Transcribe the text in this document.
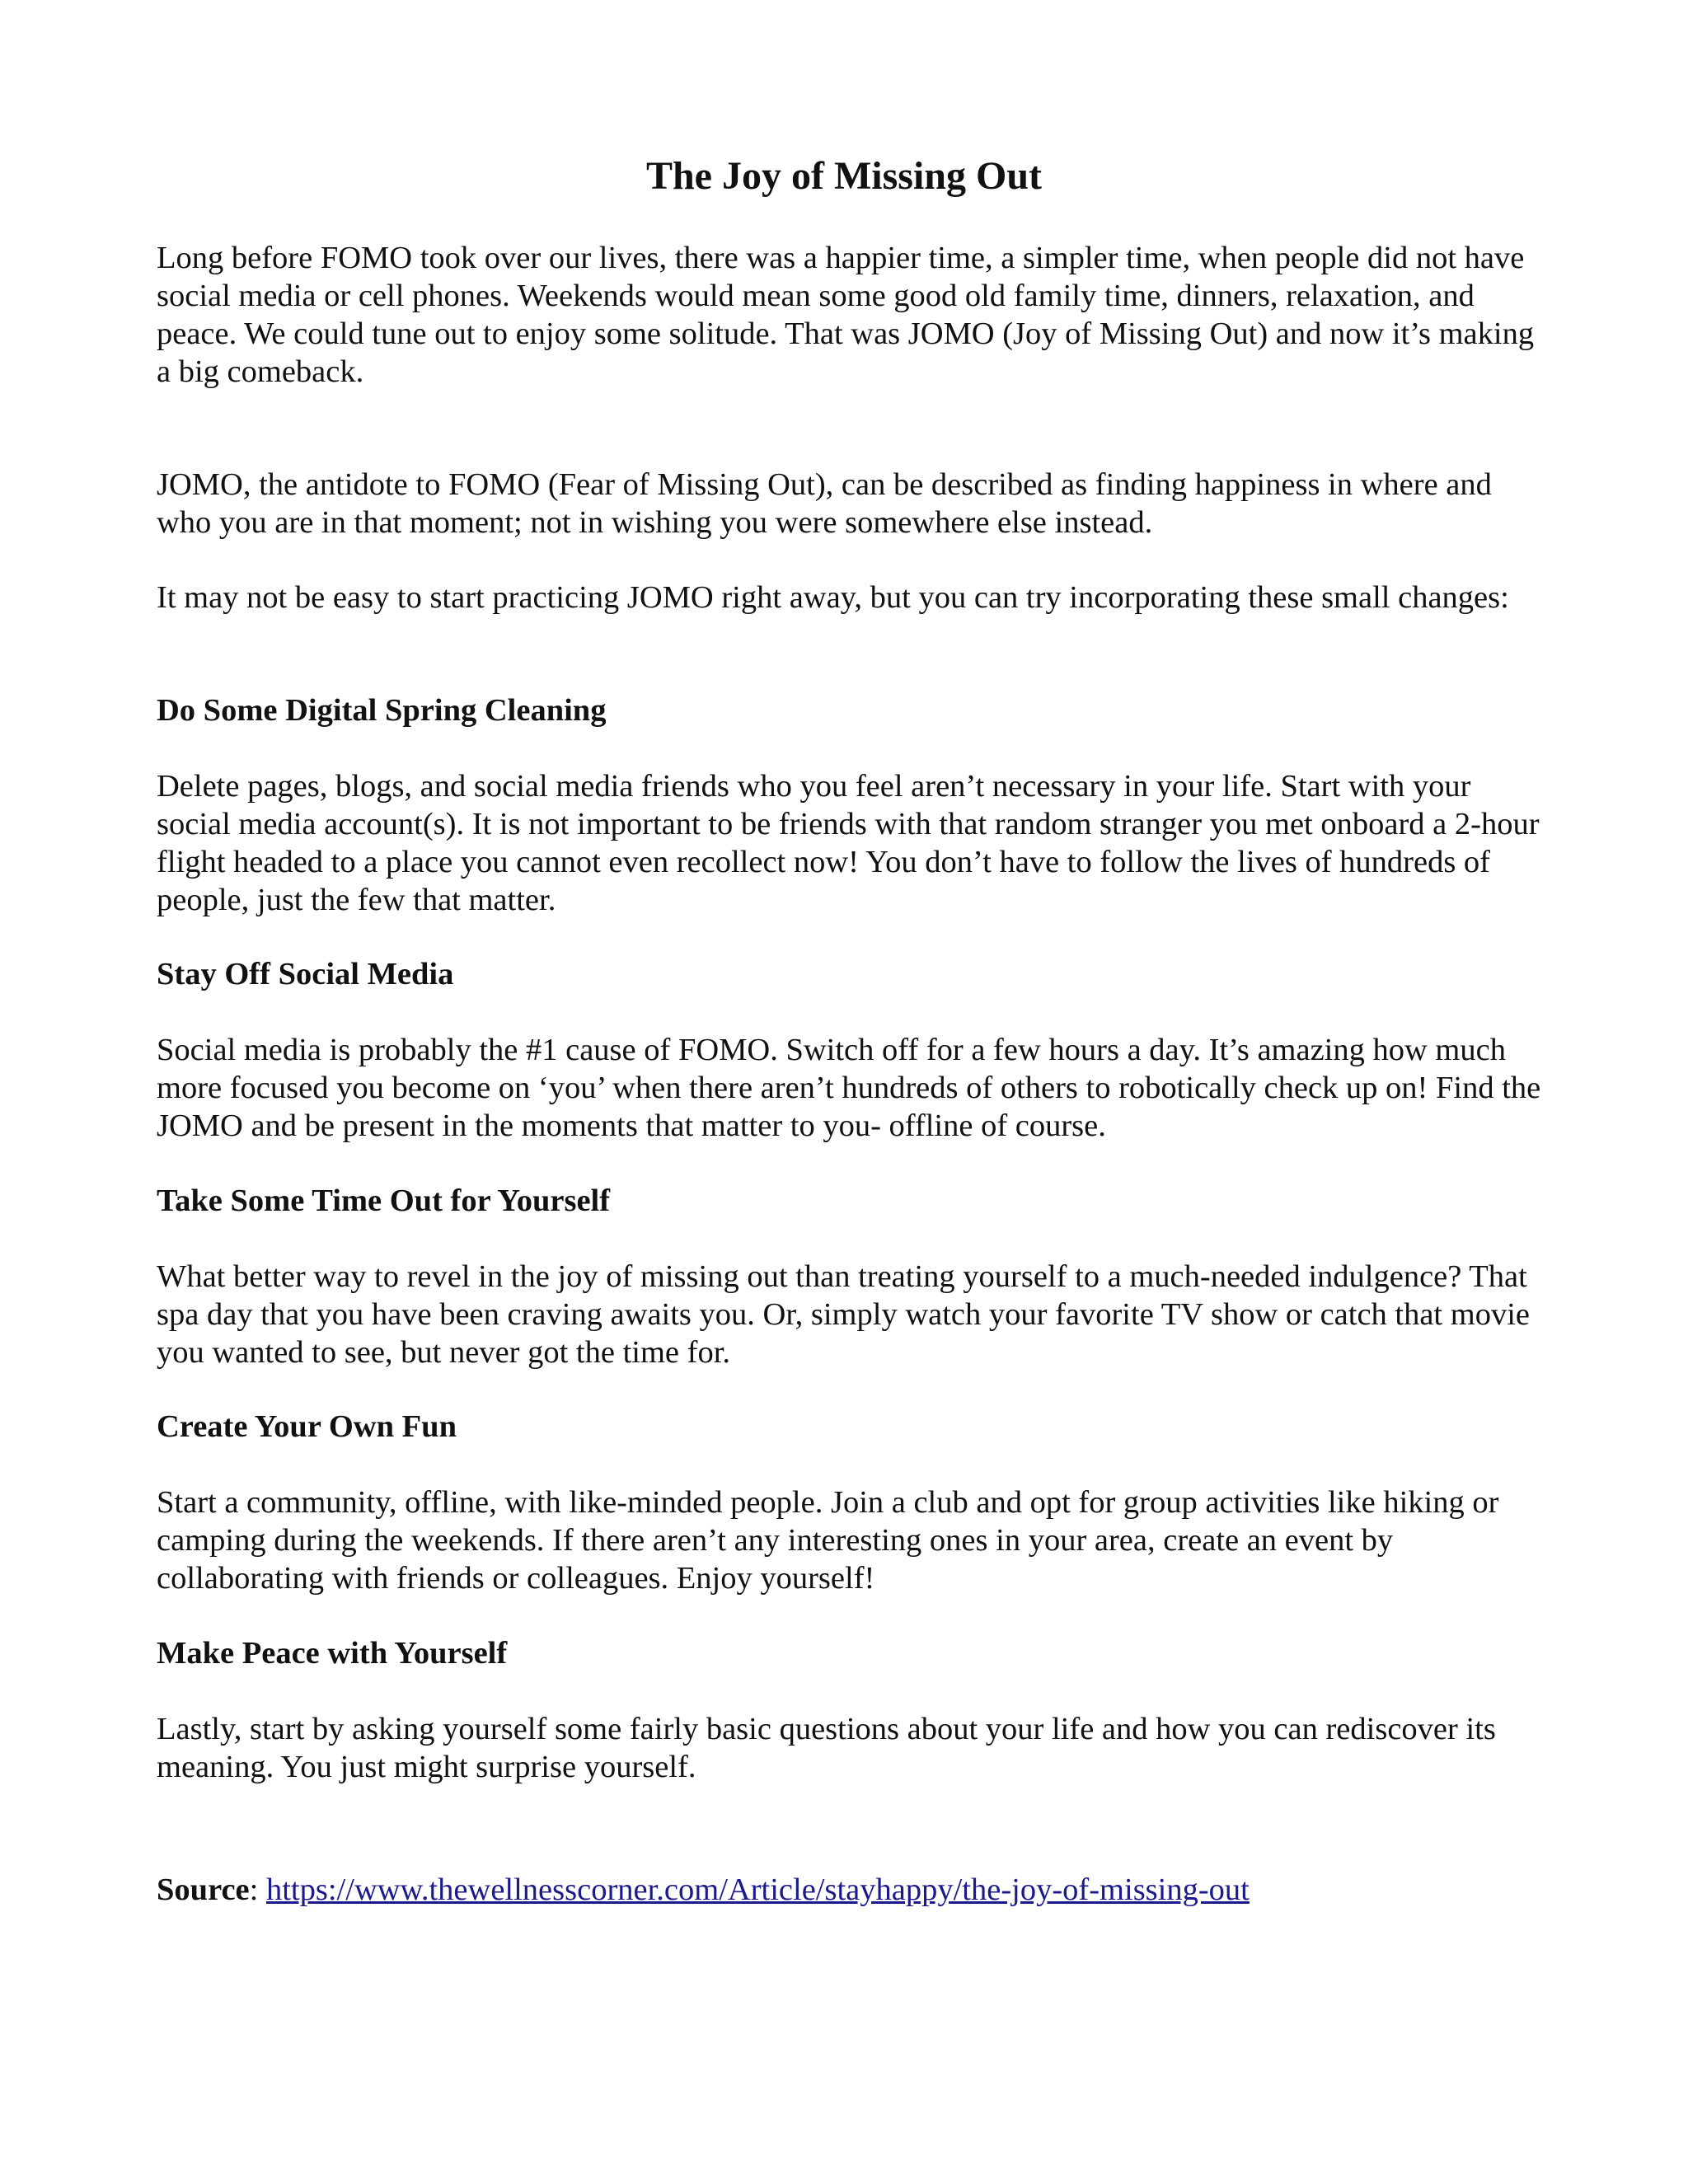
The Joy of Missing Out

Long before FOMO took over our lives, there was a happier time, a simpler time, when people did not have social media or cell phones. Weekends would mean some good old family time, dinners, relaxation, and peace. We could tune out to enjoy some solitude. That was JOMO (Joy of Missing Out) and now it’s making a big comeback.

JOMO, the antidote to FOMO (Fear of Missing Out), can be described as finding happiness in where and who you are in that moment; not in wishing you were somewhere else instead.

It may not be easy to start practicing JOMO right away, but you can try incorporating these small changes:

Do Some Digital Spring Cleaning

Delete pages, blogs, and social media friends who you feel aren’t necessary in your life. Start with your social media account(s). It is not important to be friends with that random stranger you met onboard a 2-hour flight headed to a place you cannot even recollect now! You don’t have to follow the lives of hundreds of people, just the few that matter.

Stay Off Social Media

Social media is probably the #1 cause of FOMO. Switch off for a few hours a day. It’s amazing how much more focused you become on ‘you’ when there aren’t hundreds of others to robotically check up on! Find the JOMO and be present in the moments that matter to you- offline of course.

Take Some Time Out for Yourself

What better way to revel in the joy of missing out than treating yourself to a much-needed indulgence? That spa day that you have been craving awaits you. Or, simply watch your favorite TV show or catch that movie you wanted to see, but never got the time for.

Create Your Own Fun

Start a community, offline, with like-minded people. Join a club and opt for group activities like hiking or camping during the weekends. If there aren’t any interesting ones in your area, create an event by collaborating with friends or colleagues. Enjoy yourself!

Make Peace with Yourself

Lastly, start by asking yourself some fairly basic questions about your life and how you can rediscover its meaning. You just might surprise yourself.

Source: https://www.thewellnesscorner.com/Article/stayhappy/the-joy-of-missing-out
